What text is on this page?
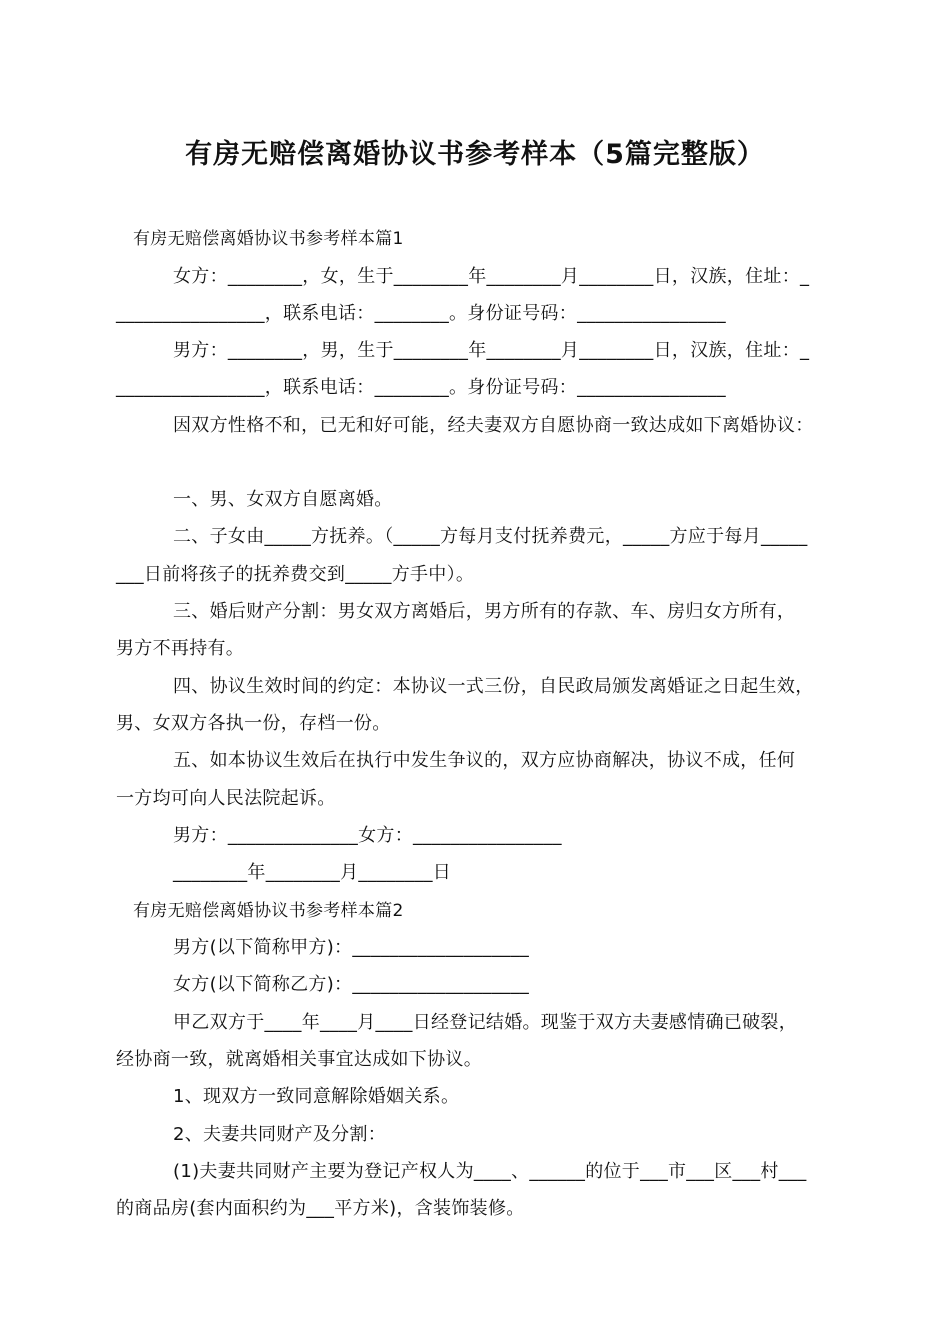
有房无赔偿离婚协议书参考样本（5篇完整版）
有房无赔偿离婚协议书参考样本篇1
女方：________，女，生于________年________月________日，汉族，住址：_
________________，联系电话：________。身份证号码：________________
男方：________，男，生于________年________月________日，汉族，住址：_
________________，联系电话：________。身份证号码：________________
因双方性格不和，已无和好可能，经夫妻双方自愿协商一致达成如下离婚协议：
一、男、女双方自愿离婚。
二、子女由_____方抚养。（_____方每月支付抚养费元，_____方应于每月_____
___日前将孩子的抚养费交到_____方手中）。
三、婚后财产分割：男女双方离婚后，男方所有的存款、车、房归女方所有，
男方不再持有。
四、协议生效时间的约定：本协议一式三份，自民政局颁发离婚证之日起生效，
男、女双方各执一份，存档一份。
五、如本协议生效后在执行中发生争议的，双方应协商解决，协议不成，任何
一方均可向人民法院起诉。
男方：______________女方：________________
________年________月________日
有房无赔偿离婚协议书参考样本篇2
男方(以下简称甲方)：___________________
女方(以下简称乙方)：___________________
甲乙双方于____年____月____日经登记结婚。现鉴于双方夫妻感情确已破裂，
经协商一致，就离婚相关事宜达成如下协议。
1、现双方一致同意解除婚姻关系。
2、夫妻共同财产及分割：
(1)夫妻共同财产主要为登记产权人为____、______的位于___市___区___村___
的商品房(套内面积约为___平方米)，含装饰装修。
